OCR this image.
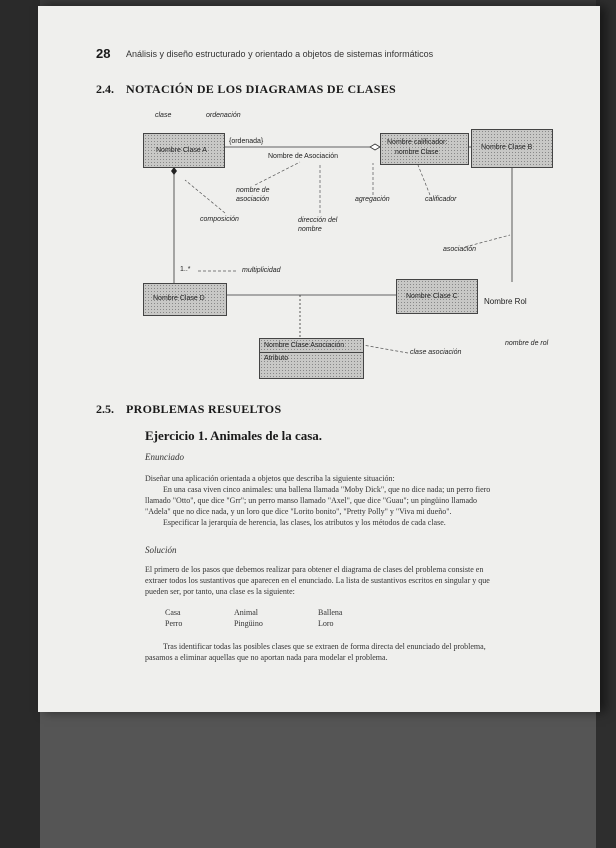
28 Análisis y diseño estructurado y orientado a objetos de sistemas informáticos
2.4. NOTACIÓN DE LOS DIAGRAMAS DE CLASES
clase	ordenación
{ordenada}
Nombre de Asociación
nombre de asociación
composición	dirección del nombre
agregación	calificador
asociación
multiplicidad
1..*
Nombre Rol
nombre de rol
clase asociación
Nombre Clase A
Nombre calificador:
nombre Clase
Nombre Clase B
Nombre Clase C
Nombre Clase D
Nombre Clase Asociación
Atributo
2.5. PROBLEMAS RESUELTOS
Ejercicio 1. Animales de la casa.
Enunciado
Diseñar una aplicación orientada a objetos que describa la siguiente situación:
En una casa viven cinco animales: una ballena llamada "Moby Dick", que no dice nada; un perro fiero
llamado "Otto", que dice "Grr"; un perro manso llamado "Axel", que dice "Guau"; un pingüino llamado
"Adela" que no dice nada, y un loro que dice "Lorito bonito", "Pretty Polly" y "Viva mi dueño".
Especificar la jerarquía de herencia, las clases, los atributos y los métodos de cada clase.
Solución
El primero de los pasos que debemos realizar para obtener el diagrama de clases del problema consiste en
extraer todos los sustantivos que aparecen en el enunciado. La lista de sustantivos escritos en singular y que
pueden ser, por tanto, una clase es la siguiente:
Casa	Animal	Ballena
Perro	Pingüino	Loro
Tras identificar todas las posibles clases que se extraen de forma directa del enunciado del problema,
pasamos a eliminar aquellas que no aportan nada para modelar el problema.
